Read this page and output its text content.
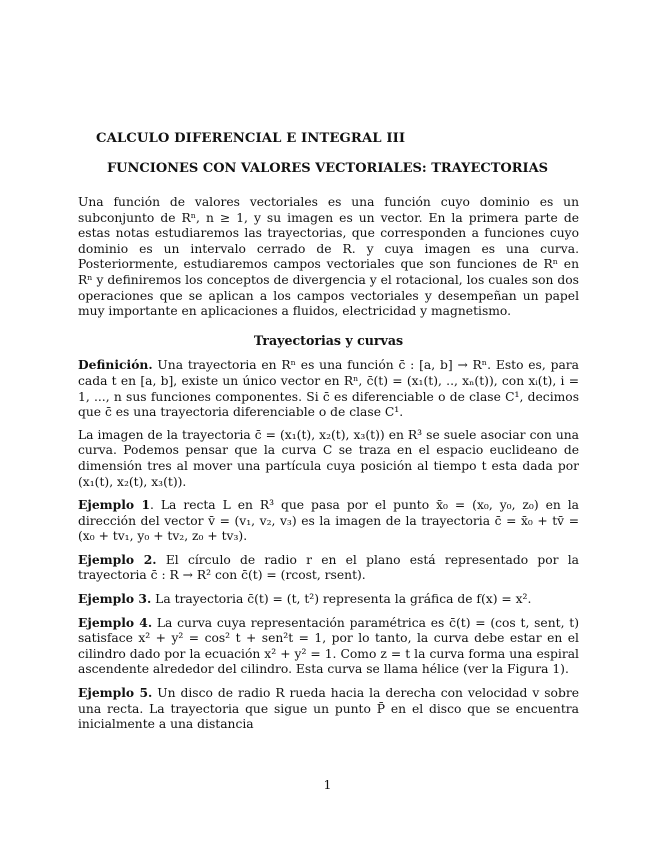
CALCULO DIFERENCIAL E INTEGRAL III
FUNCIONES CON VALORES VECTORIALES: TRAYECTORIAS

Una función de valores vectoriales es una función cuyo dominio es un subconjunto de Rⁿ, n ≥ 1, y su imagen es un vector. En la primera parte de estas notas estudiaremos las trayectorias, que corresponden a funciones cuyo dominio es un intervalo cerrado de R. y cuya imagen es una curva. Posteriormente, estudiaremos campos vectoriales que son funciones de Rⁿ en Rⁿ y definiremos los conceptos de divergencia y el rotacional, los cuales son dos operaciones que se aplican a los campos vectoriales y desempeñan un papel muy importante en aplicaciones a fluidos, electricidad y magnetismo.

Trayectorias y curvas

Definición. Una trayectoria en Rⁿ es una función c̄ : [a, b] → Rⁿ. Esto es, para cada t en [a, b], existe un único vector en Rⁿ, c̄(t) = (x₁(t), .., xₙ(t)), con xᵢ(t), i = 1, ..., n sus funciones componentes. Si c̄ es diferenciable o de clase C¹, decimos que c̄ es una trayectoria diferenciable o de clase C¹.

La imagen de la trayectoria c̄ = (x₁(t), x₂(t), x₃(t)) en R³ se suele asociar con una curva. Podemos pensar que la curva C se traza en el espacio euclideano de dimensión tres al mover una partícula cuya posición al tiempo t esta dada por (x₁(t), x₂(t), x₃(t)).

Ejemplo 1. La recta L en R³ que pasa por el punto x̄₀ = (x₀, y₀, z₀) en la dirección del vector v̄ = (v₁, v₂, v₃) es la imagen de la trayectoria c̄ = x̄₀ + tv̄ = (x₀ + tv₁, y₀ + tv₂, z₀ + tv₃).

Ejemplo 2. El círculo de radio r en el plano está representado por la trayectoria c̄ : R → R² con c̄(t) = (rcost, rsent).

Ejemplo 3. La trayectoria c̄(t) = (t, t²) representa la gráfica de f(x) = x².

Ejemplo 4. La curva cuya representación paramétrica es c̄(t) = (cos t, sent, t) satisface x² + y² = cos² t + sen²t = 1, por lo tanto, la curva debe estar en el cilindro dado por la ecuación x² + y² = 1. Como z = t la curva forma una espiral ascendente alrededor del cilindro. Esta curva se llama hélice (ver la Figura 1).

Ejemplo 5. Un disco de radio R rueda hacia la derecha con velocidad v sobre una recta. La trayectoria que sigue un punto P̄ en el disco que se encuentra inicialmente a una distancia

1
